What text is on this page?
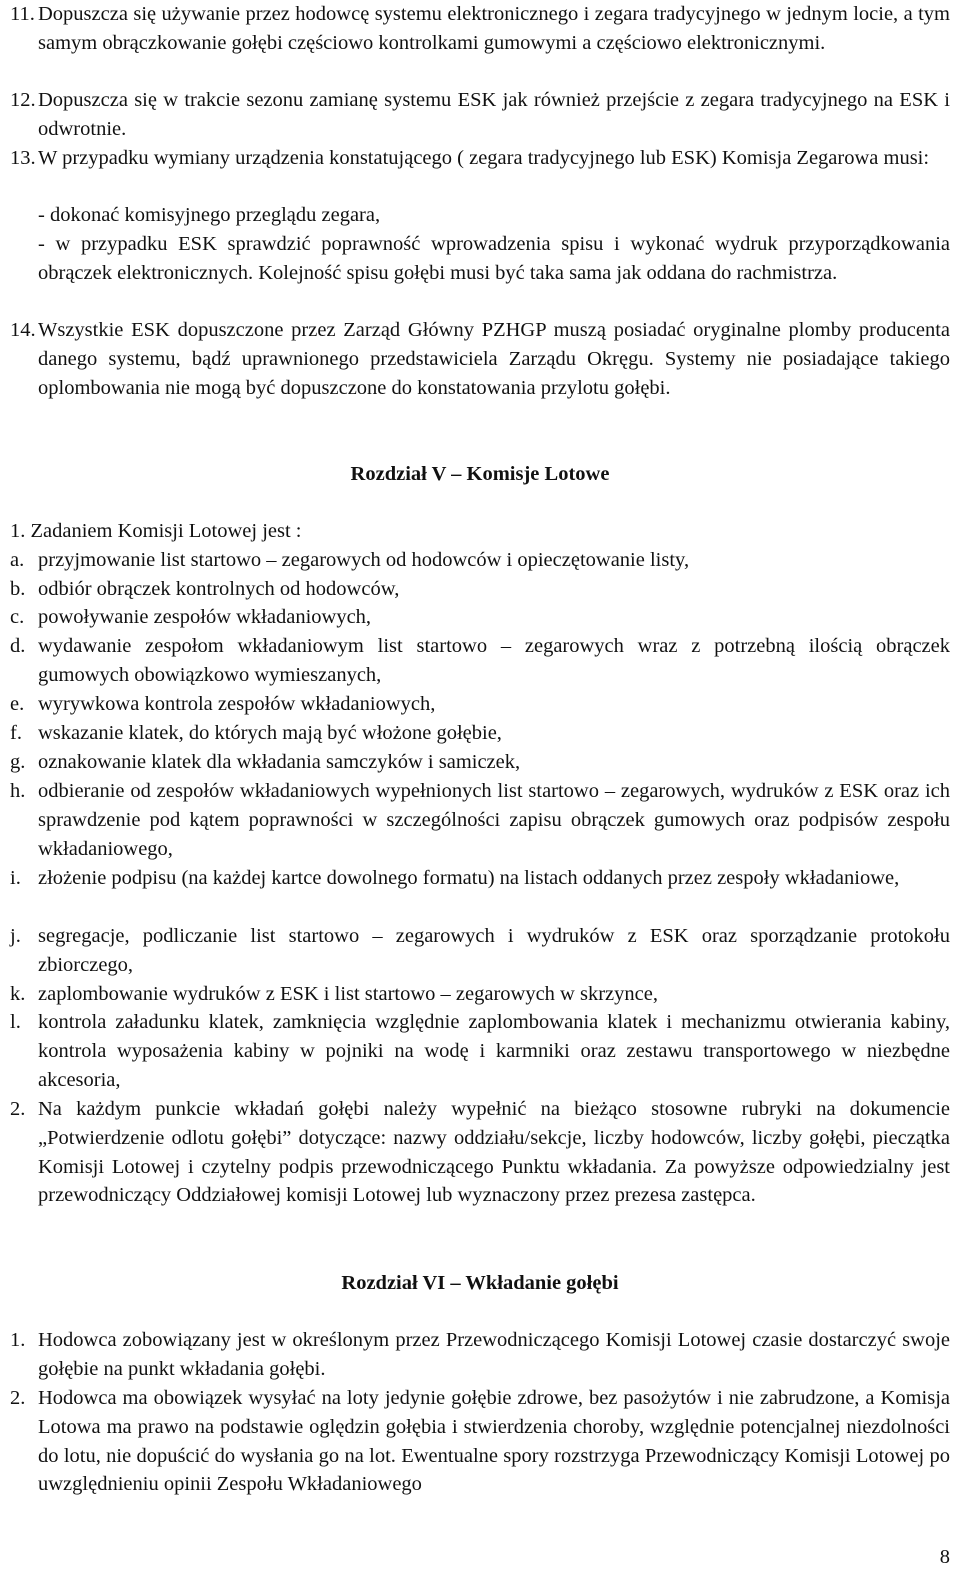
11. Dopuszcza się używanie przez hodowcę systemu elektronicznego i zegara tradycyjnego w jednym locie, a tym samym obrączkowanie gołębi częściowo kontrolkami gumowymi a częściowo elektronicznymi.

12. Dopuszcza się w trakcie sezonu zamianę systemu ESK jak również przejście z zegara tradycyjnego na ESK i odwrotnie.

13. W przypadku wymiany urządzenia konstatującego ( zegara tradycyjnego lub ESK) Komisja Zegarowa musi:

- dokonać komisyjnego przeglądu zegara,

- w przypadku ESK sprawdzić poprawność wprowadzenia spisu i wykonać wydruk przyporządkowania obrączek elektronicznych. Kolejność spisu gołębi musi być taka sama jak oddana do rachmistrza.

14. Wszystkie ESK dopuszczone przez Zarząd Główny PZHGP muszą posiadać oryginalne plomby producenta danego systemu, bądź uprawnionego przedstawiciela Zarządu Okręgu. Systemy nie posiadające takiego oplombowania nie mogą być dopuszczone do konstatowania przylotu gołębi.

Rozdział V – Komisje Lotowe

1. Zadaniem Komisji Lotowej jest :

a. przyjmowanie list startowo – zegarowych od hodowców i opieczętowanie listy,

b. odbiór obrączek kontrolnych od hodowców,

c. powoływanie zespołów wkładaniowych,

d. wydawanie zespołom wkładaniowym list startowo – zegarowych wraz z potrzebną ilością obrączek gumowych obowiązkowo wymieszanych,

e. wyrywkowa kontrola zespołów wkładaniowych,

f. wskazanie klatek, do których mają być włożone gołębie,

g. oznakowanie klatek dla wkładania samczyków i samiczek,

h. odbieranie od zespołów wkładaniowych wypełnionych list startowo – zegarowych, wydruków z ESK oraz ich sprawdzenie pod kątem poprawności w szczególności zapisu obrączek gumowych oraz podpisów zespołu wkładaniowego,

i. złożenie podpisu (na każdej kartce dowolnego formatu) na listach oddanych przez zespoły wkładaniowe,

j. segregacje, podliczanie list startowo – zegarowych i wydruków z ESK oraz sporządzanie protokołu zbiorczego,

k. zaplombowanie wydruków z ESK i list startowo – zegarowych w skrzynce,

l. kontrola załadunku klatek, zamknięcia względnie zaplombowania klatek i mechanizmu otwierania kabiny, kontrola wyposażenia kabiny w pojniki na wodę i karmniki oraz zestawu transportowego w niezbędne akcesoria,

2. Na każdym punkcie wkładań gołębi należy wypełnić na bieżąco stosowne rubryki na dokumencie „Potwierdzenie odlotu gołębi” dotyczące: nazwy oddziału/sekcje, liczby hodowców, liczby gołębi, pieczątka Komisji Lotowej i czytelny podpis przewodniczącego Punktu wkładania. Za powyższe odpowiedzialny jest przewodniczący Oddziałowej komisji Lotowej lub wyznaczony przez prezesa zastępca.

Rozdział VI – Wkładanie gołębi

1. Hodowca zobowiązany jest w określonym przez Przewodniczącego Komisji Lotowej czasie dostarczyć swoje gołębie na punkt wkładania gołębi.

2. Hodowca ma obowiązek wysyłać na loty jedynie gołębie zdrowe, bez pasożytów i nie zabrudzone, a Komisja Lotowa ma prawo na podstawie oględzin gołębia i stwierdzenia choroby, względnie potencjalnej niezdolności do lotu, nie dopuścić do wysłania go na lot. Ewentualne spory rozstrzyga Przewodniczący Komisji Lotowej po uwzględnieniu opinii Zespołu Wkładaniowego

8
